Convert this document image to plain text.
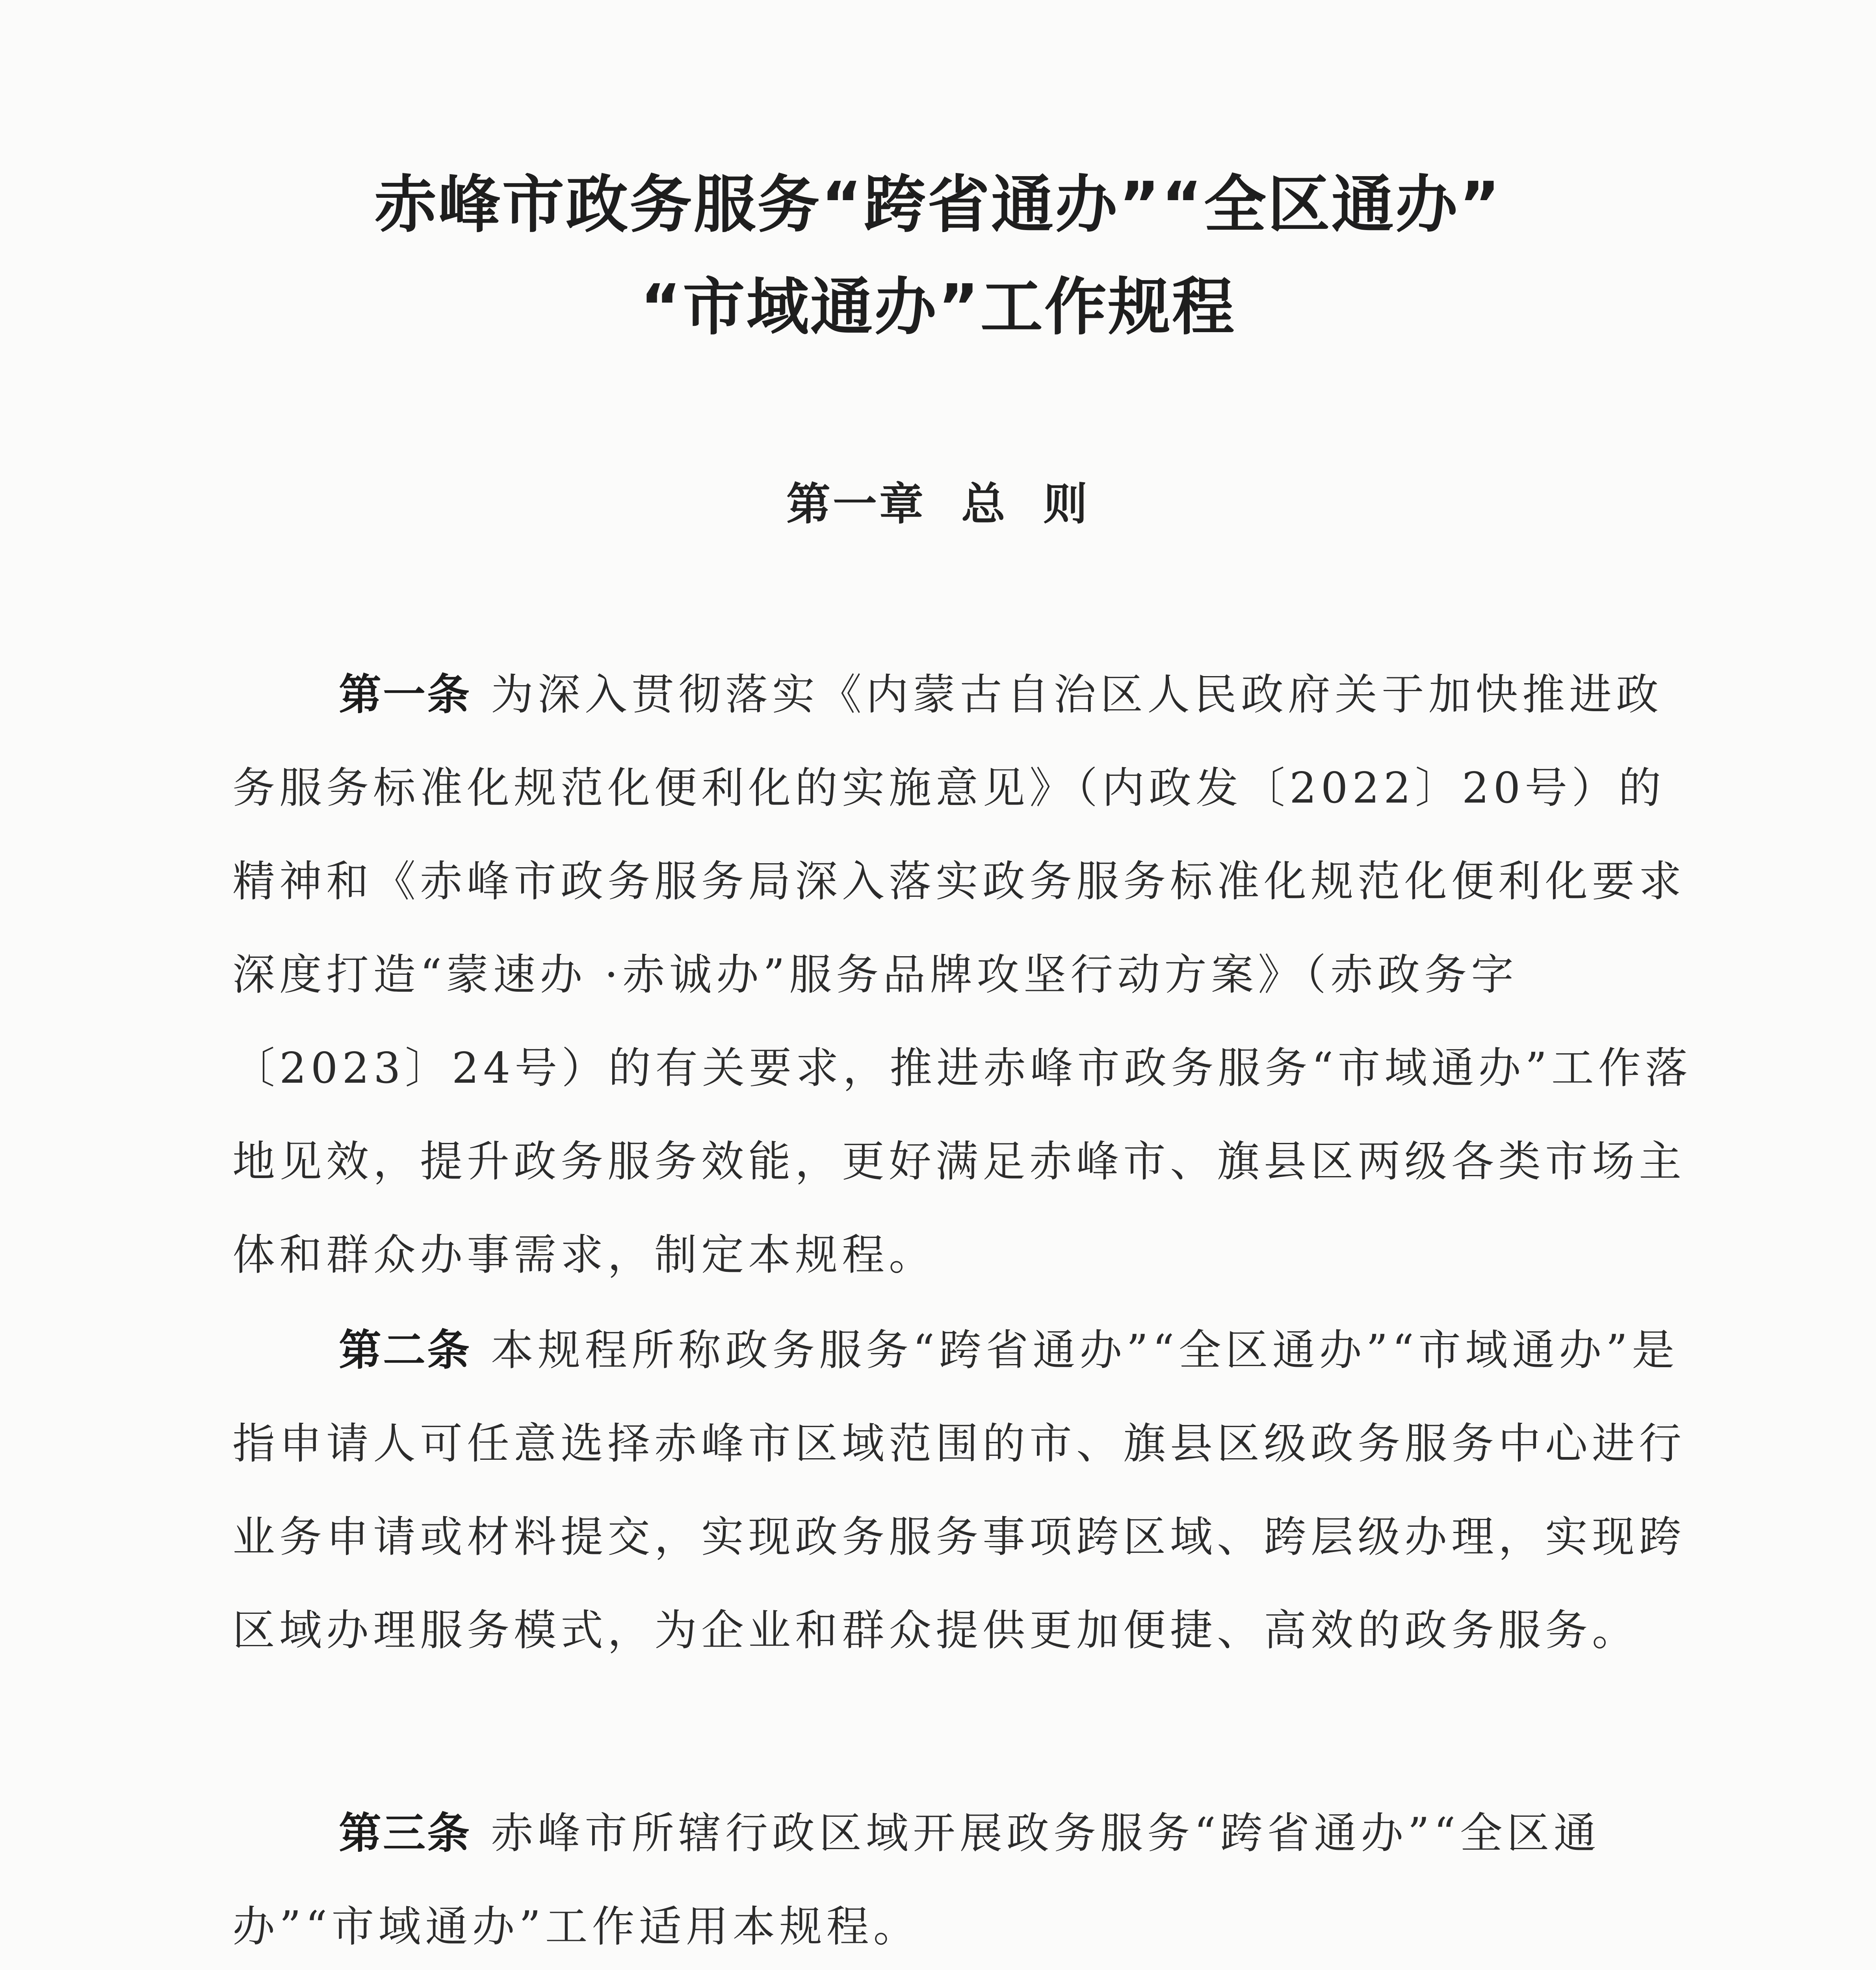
赤峰市政务服务“跨省通办”“全区通办”
“市域通办”工作规程
第一章  总  则

第一条 为深入贯彻落实《内蒙古自治区人民政府关于加快推进政务服务标准化规范化便利化的实施意见》（内政发〔2022〕20号）的精神和《赤峰市政务服务局深入落实政务服务标准化规范化便利化要求深度打造“蒙速办 ·赤诚办”服务品牌攻坚行动方案》（赤政务字〔2023〕24号）的有关要求，推进赤峰市政务服务“市域通办”工作落地见效，提升政务服务效能，更好满足赤峰市、旗县区两级各类市场主体和群众办事需求，制定本规程。

第二条 本规程所称政务服务“跨省通办”“全区通办”“市域通办”是指申请人可任意选择赤峰市区域范围的市、旗县区级政务服务中心进行业务申请或材料提交，实现政务服务事项跨区域、跨层级办理，实现跨区域办理服务模式，为企业和群众提供更加便捷、高效的政务服务。

第三条 赤峰市所辖行政区域开展政务服务“跨省通办”“全区通办”“市域通办”工作适用本规程。
